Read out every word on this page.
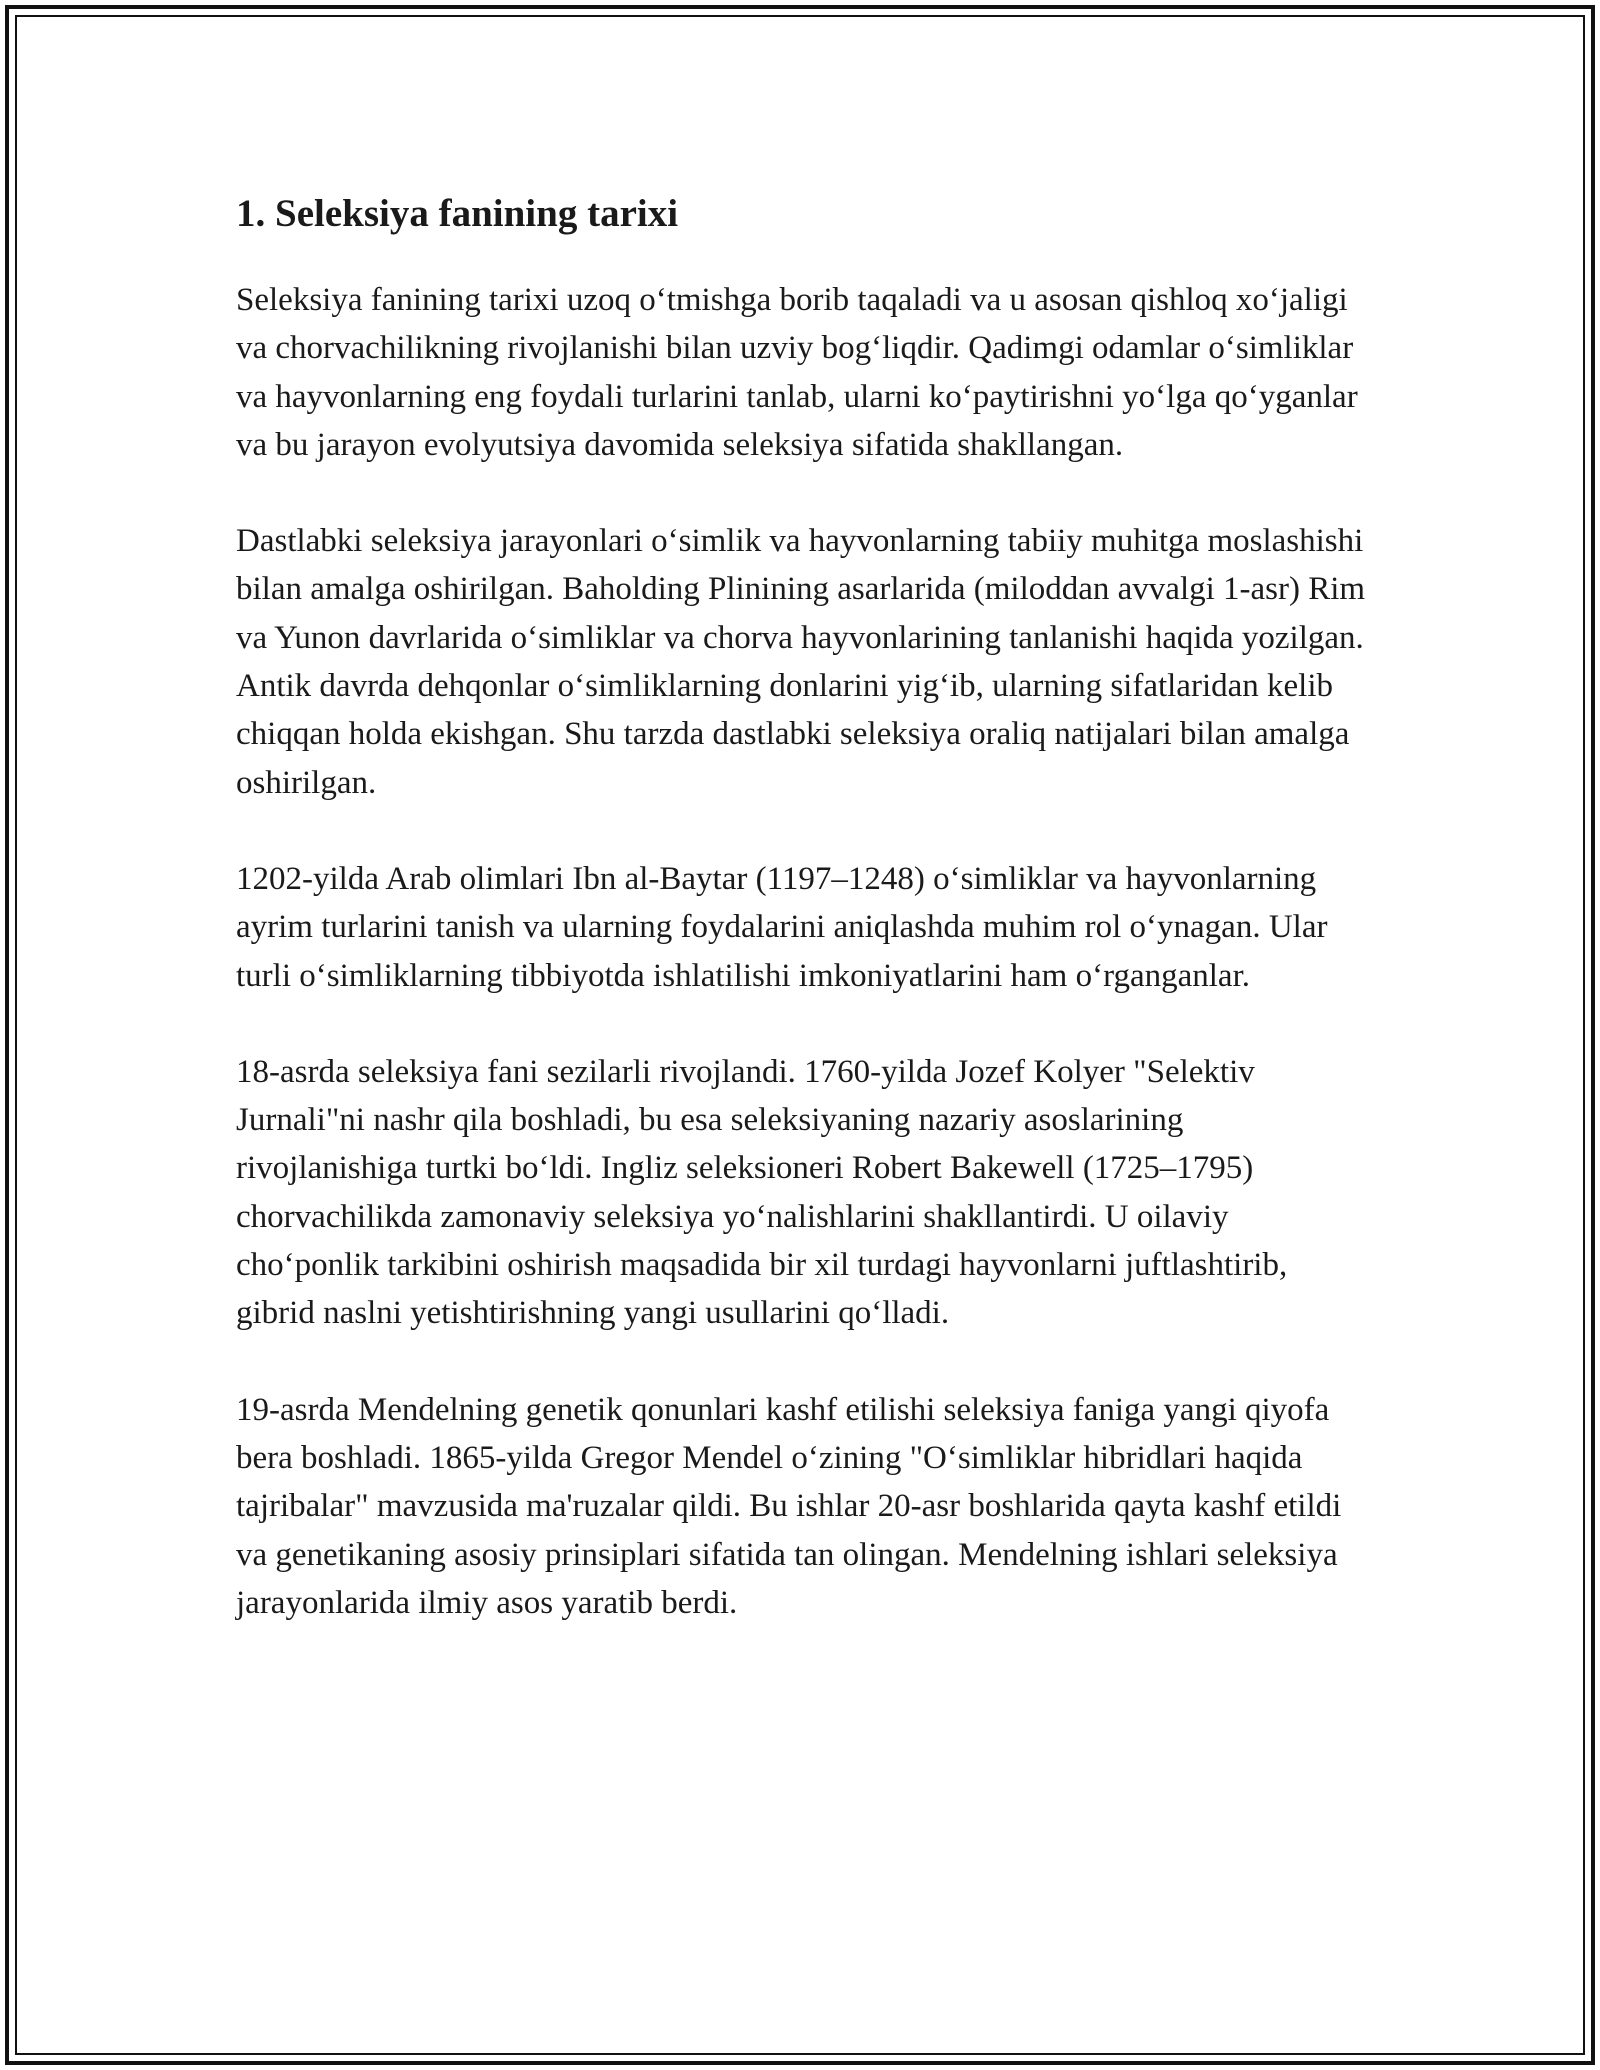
1. Seleksiya fanining tarixi

Seleksiya fanining tarixi uzoq o‘tmishga borib taqaladi va u asosan qishloq xo‘jaligi va chorvachilikning rivojlanishi bilan uzviy bog‘liqdir. Qadimgi odamlar o‘simliklar va hayvonlarning eng foydali turlarini tanlab, ularni ko‘paytirishni yo‘lga qo‘yganlar va bu jarayon evolyutsiya davomida seleksiya sifatida shakllangan.

Dastlabki seleksiya jarayonlari o‘simlik va hayvonlarning tabiiy muhitga moslashishi bilan amalga oshirilgan. Baholding Plinining asarlarida (miloddan avvalgi 1-asr) Rim va Yunon davrlarida o‘simliklar va chorva hayvonlarining tanlanishi haqida yozilgan. Antik davrda dehqonlar o‘simliklarning donlarini yig‘ib, ularning sifatlaridan kelib chiqqan holda ekishgan. Shu tarzda dastlabki seleksiya oraliq natijalari bilan amalga oshirilgan.

1202-yilda Arab olimlari Ibn al-Baytar (1197–1248) o‘simliklar va hayvonlarning ayrim turlarini tanish va ularning foydalarini aniqlashda muhim rol o‘ynagan. Ular turli o‘simliklarning tibbiyotda ishlatilishi imkoniyatlarini ham o‘rganganlar.

18-asrda seleksiya fani sezilarli rivojlandi. 1760-yilda Jozef Kolyer "Selektiv Jurnali"ni nashr qila boshladi, bu esa seleksiyaning nazariy asoslarining rivojlanishiga turtki bo‘ldi. Ingliz seleksioneri Robert Bakewell (1725–1795) chorvachilikda zamonaviy seleksiya yo‘nalishlarini shakllantirdi. U oilaviy cho‘ponlik tarkibini oshirish maqsadida bir xil turdagi hayvonlarni juftlashtirib, gibrid naslni yetishtirishning yangi usullarini qo‘lladi.

19-asrda Mendelning genetik qonunlari kashf etilishi seleksiya faniga yangi qiyofa bera boshladi. 1865-yilda Gregor Mendel o‘zining "O‘simliklar hibridlari haqida tajribalar" mavzusida ma'ruzalar qildi. Bu ishlar 20-asr boshlarida qayta kashf etildi va genetikaning asosiy prinsiplari sifatida tan olingan. Mendelning ishlari seleksiya jarayonlarida ilmiy asos yaratib berdi.
